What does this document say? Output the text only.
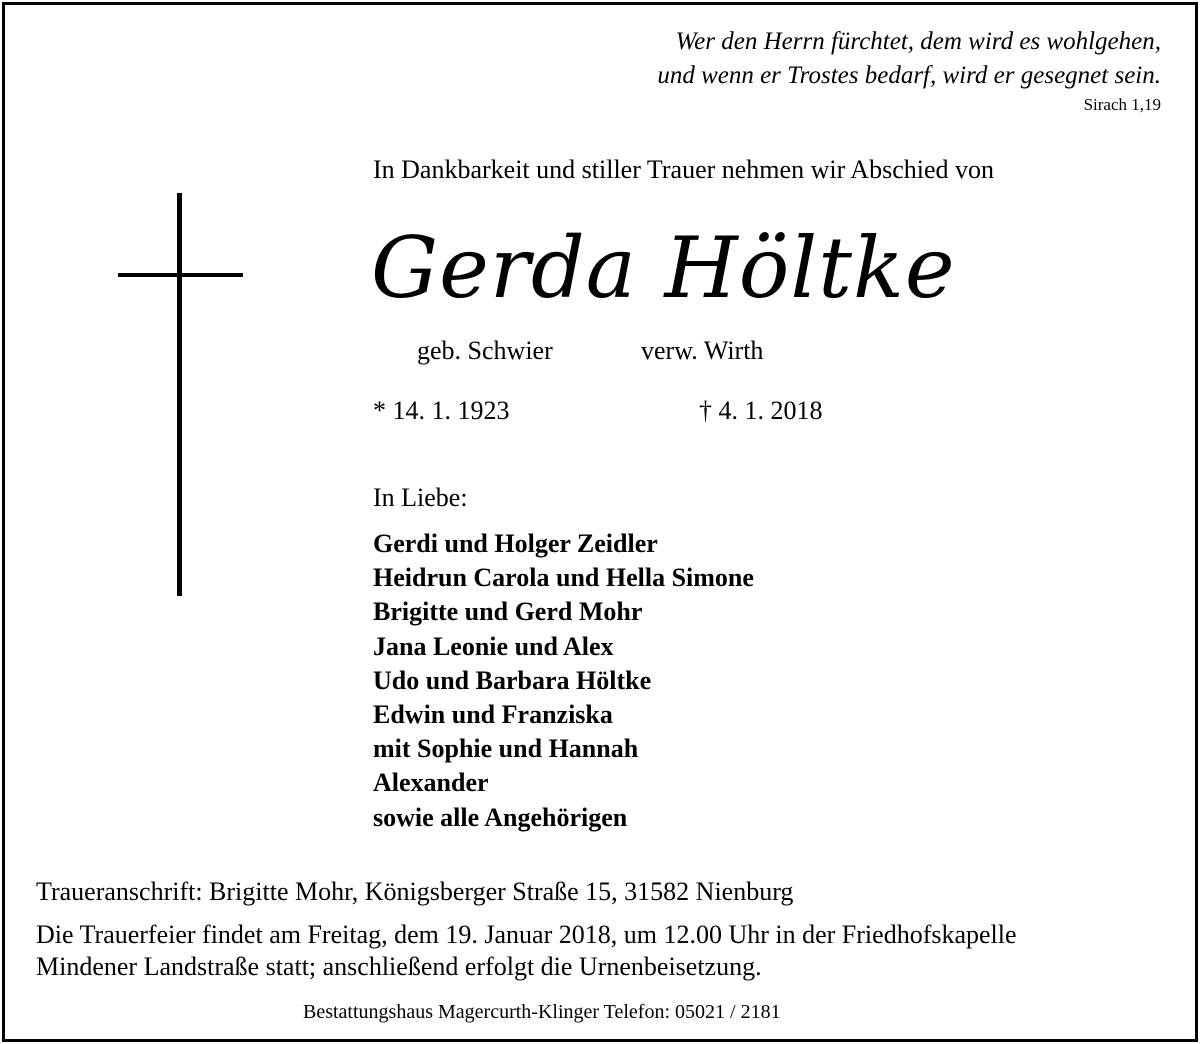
Wer den Herrn fürchtet, dem wird es wohlgehen,
und wenn er Trostes bedarf, wird er gesegnet sein.
Sirach 1,19
In Dankbarkeit und stiller Trauer nehmen wir Abschied von
Gerda Höltke
geb. Schwier	verw. Wirth
* 14. 1. 1923	† 4. 1. 2018
In Liebe:
Gerdi und Holger Zeidler
Heidrun Carola und Hella Simone
Brigitte und Gerd Mohr
Jana Leonie und Alex
Udo und Barbara Höltke
Edwin und Franziska
mit Sophie und Hannah
Alexander
sowie alle Angehörigen
Traueranschrift: Brigitte Mohr, Königsberger Straße 15, 31582 Nienburg
Die Trauerfeier findet am Freitag, dem 19. Januar 2018, um 12.00 Uhr in der Friedhofskapelle
Mindener Landstraße statt; anschließend erfolgt die Urnenbeisetzung.
Bestattungshaus Magercurth-Klinger Telefon: 05021 / 2181
